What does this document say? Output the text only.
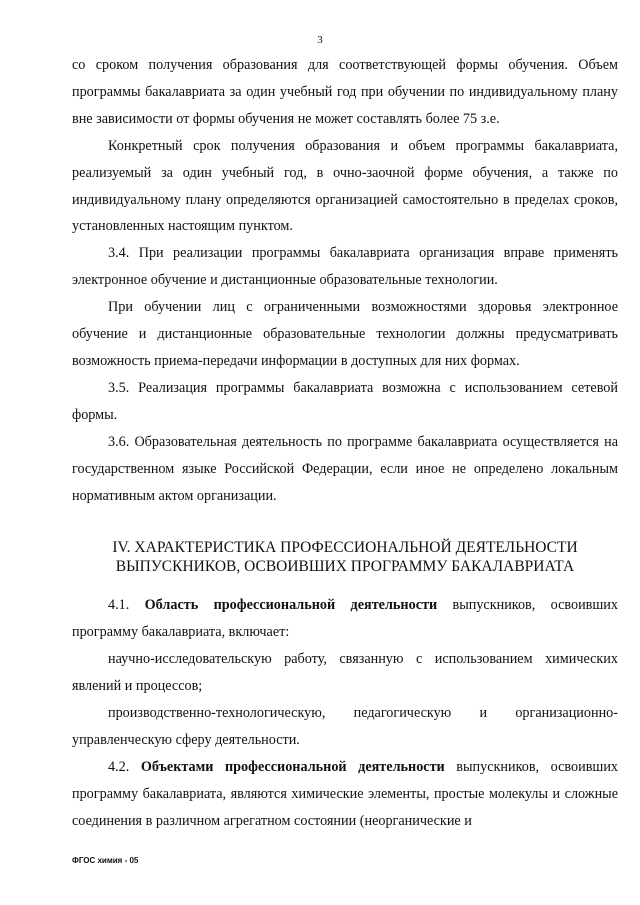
3

со сроком получения образования для соответствующей формы обучения. Объем программы бакалавриата за один учебный год при обучении по индивидуальному плану вне зависимости от формы обучения не может составлять более 75 з.е.

Конкретный срок получения образования и объем программы бакалавриата, реализуемый за один учебный год, в очно-заочной форме обучения, а также по индивидуальному плану определяются организацией самостоятельно в пределах сроков, установленных настоящим пунктом.

3.4. При реализации программы бакалавриата организация вправе применять электронное обучение и дистанционные образовательные технологии.

При обучении лиц с ограниченными возможностями здоровья электронное обучение и дистанционные образовательные технологии должны предусматривать возможность приема-передачи информации в доступных для них формах.

3.5. Реализация программы бакалавриата возможна с использованием сетевой формы.

3.6. Образовательная деятельность по программе бакалавриата осуществляется на государственном языке Российской Федерации, если иное не определено локальным нормативным актом организации.

IV. ХАРАКТЕРИСТИКА ПРОФЕССИОНАЛЬНОЙ ДЕЯТЕЛЬНОСТИ ВЫПУСКНИКОВ, ОСВОИВШИХ ПРОГРАММУ БАКАЛАВРИАТА

4.1. Область профессиональной деятельности выпускников, освоивших программу бакалавриата, включает:

научно-исследовательскую работу, связанную с использованием химических явлений и процессов;

производственно-технологическую, педагогическую и организационно-управленческую сферу деятельности.

4.2. Объектами профессиональной деятельности выпускников, освоивших программу бакалавриата, являются химические элементы, простые молекулы и сложные соединения в различном агрегатном состоянии (неорганические и

ФГОС химия - 05
